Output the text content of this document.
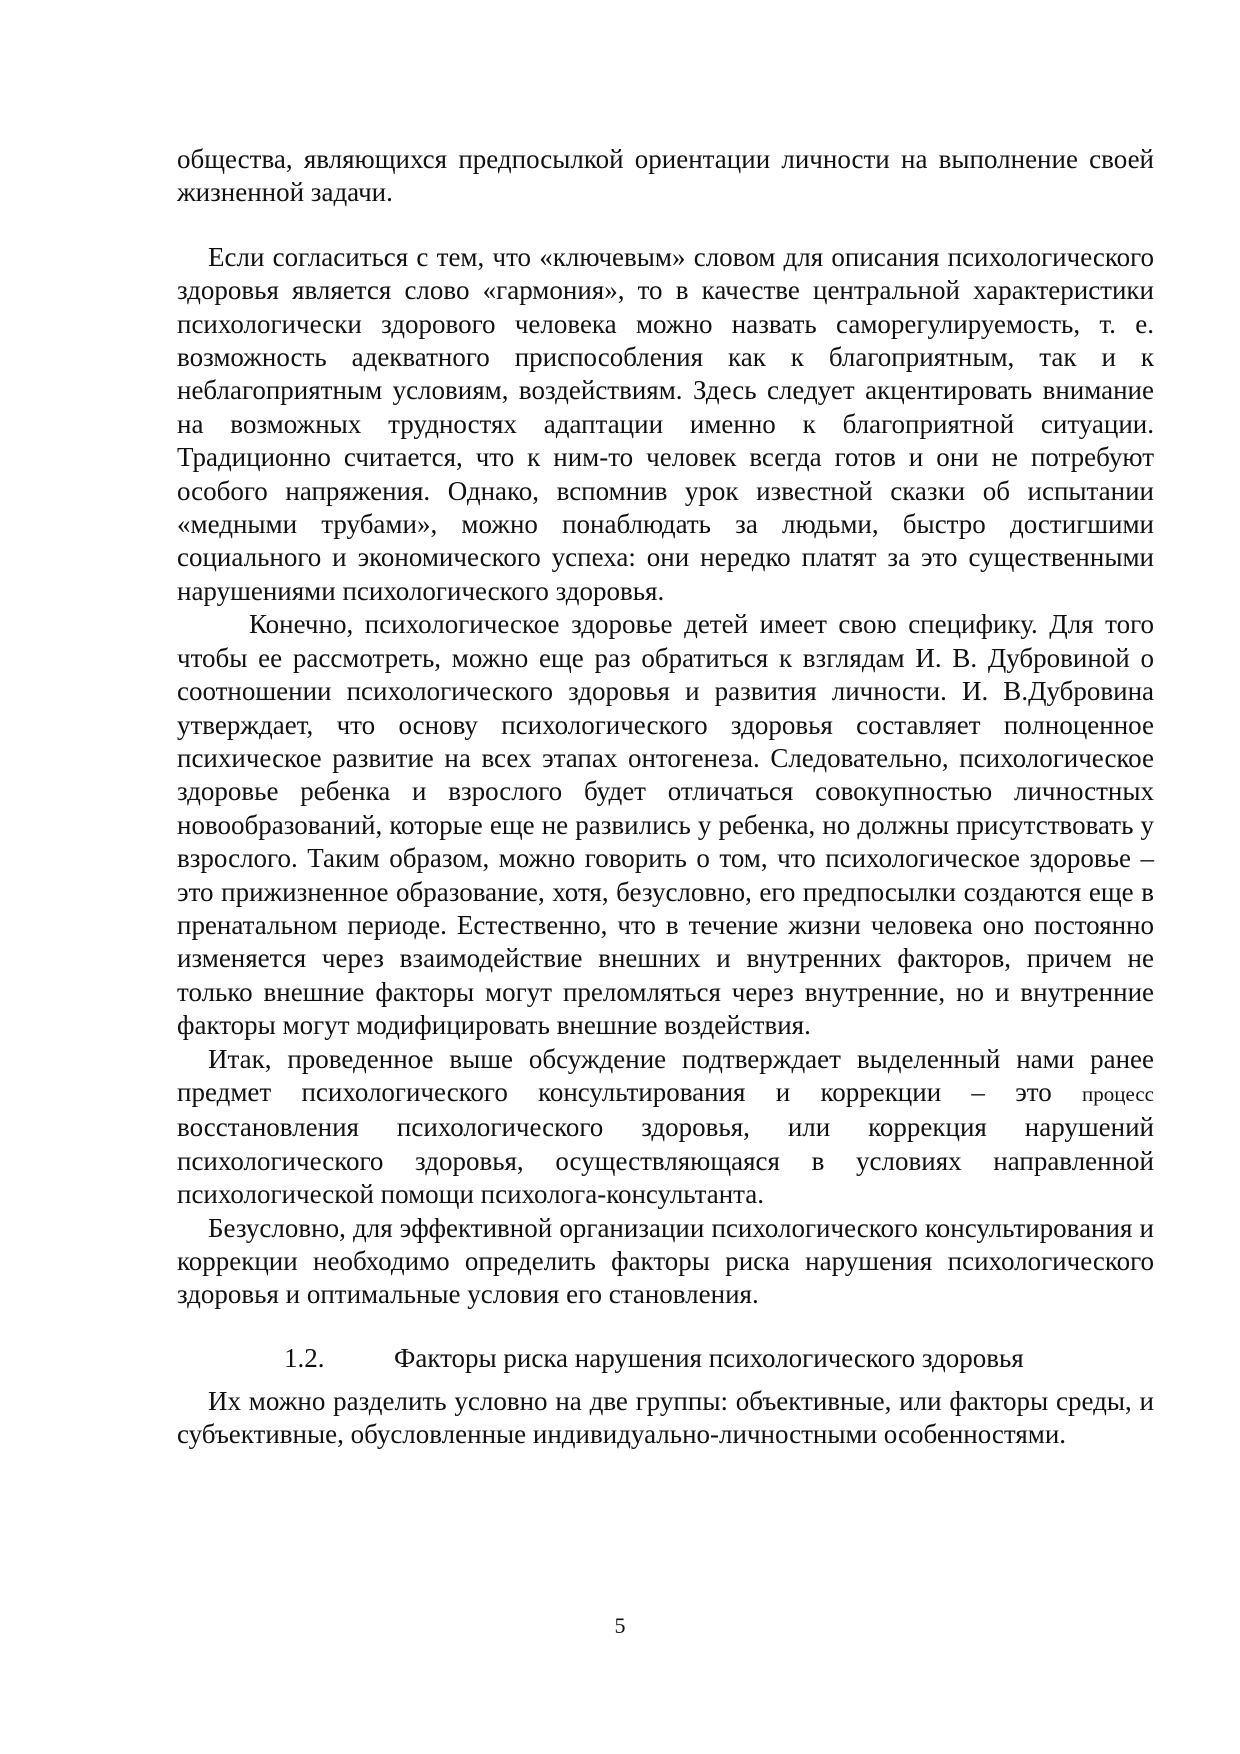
общества, являющихся предпосылкой ориентации личности на выполнение своей жизненной задачи.

Если согласиться с тем, что «ключевым» словом для описания психологического здоровья является слово «гармония», то в качестве центральной характеристики психологически здорового человека можно назвать саморегулируемость, т. е. возможность адекватного приспособления как к благоприятным, так и к неблагоприятным условиям, воздействиям. Здесь следует акцентировать внимание на возможных трудностях адаптации именно к благоприятной ситуации. Традиционно считается, что к ним-то человек всегда готов и они не потребуют особого напряжения. Однако, вспомнив урок известной сказки об испытании «медными трубами», можно понаблюдать за людьми, быстро достигшими социального и экономического успеха: они нередко платят за это существенными нарушениями психологического здоровья.

Конечно, психологическое здоровье детей имеет свою специфику. Для того чтобы ее рассмотреть, можно еще раз обратиться к взглядам И. В. Дубровиной о соотношении психологического здоровья и развития личности. И. В.Дубровина утверждает, что основу психологического здоровья составляет полноценное психическое развитие на всех этапах онтогенеза. Следовательно, психологическое здоровье ребенка и взрослого будет отличаться совокупностью личностных новообразований, которые еще не развились у ребенка, но должны присутствовать у взрослого. Таким образом, можно говорить о том, что психологическое здоровье – это прижизненное образование, хотя, безусловно, его предпосылки создаются еще в пренатальном периоде. Естественно, что в течение жизни человека оно постоянно изменяется через взаимодействие внешних и внутренних факторов, причем не только внешние факторы могут преломляться через внутренние, но и внутренние факторы могут модифицировать внешние воздействия.

Итак, проведенное выше обсуждение подтверждает выделенный нами ранее предмет психологического консультирования и коррекции – это процесс восстановления психологического здоровья, или коррекция нарушений психологического здоровья, осуществляющаяся в условиях направленной психологической помощи психолога-консультанта.

Безусловно, для эффективной организации психологического консультирования и коррекции необходимо определить факторы риска нарушения психологического здоровья и оптимальные условия его становления.

1.2.	Факторы риска нарушения психологического здоровья

Их можно разделить условно на две группы: объективные, или факторы среды, и субъективные, обусловленные индивидуально-личностными особенностями.

5
